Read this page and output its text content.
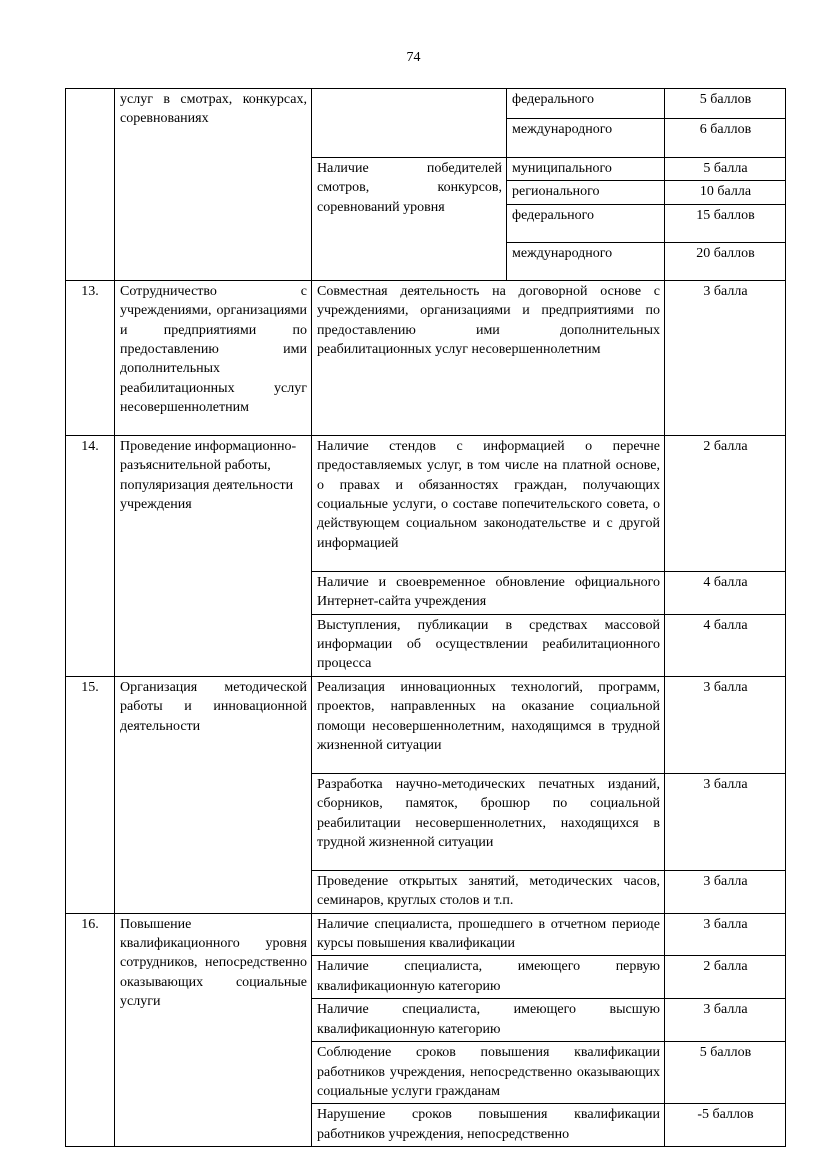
74
	услуг в смотрах, конкурсах, соревнованиях		федерального	5 баллов
			международного	6 баллов
		Наличие победителей смотров, конкурсов, соревнований уровня	муниципального	5 балла
			регионального	10 балла
			федерального	15 баллов
			международного	20 баллов
13.	Сотрудничество с учреждениями, организациями и предприятиями по предоставлению ими дополнительных реабилитационных услуг несовершеннолетним	Совместная деятельность на договорной основе с учреждениями, организациями и предприятиями по предоставлению ими дополнительных реабилитационных услуг несовершеннолетним		3 балла
14.	Проведение информационно-разъяснительной работы, популяризация деятельности учреждения	Наличие стендов с информацией о перечне предоставляемых услуг, в том числе на платной основе, о правах и обязанностях граждан, получающих социальные услуги, о составе попечительского совета, о действующем социальном законодательстве и с другой информацией		2 балла
		Наличие и своевременное обновление официального Интернет-сайта учреждения		4 балла
		Выступления, публикации в средствах массовой информации об осуществлении реабилитационного процесса		4 балла
15.	Организация методической работы и инновационной деятельности	Реализация инновационных технологий, программ, проектов, направленных на оказание социальной помощи несовершеннолетним, находящимся в трудной жизненной ситуации		3 балла
		Разработка научно-методических печатных изданий, сборников, памяток, брошюр по социальной реабилитации несовершеннолетних, находящихся в трудной жизненной ситуации		3 балла
		Проведение открытых занятий, методических часов, семинаров, круглых столов и т.п.		3 балла
16.	Повышение квалификационного уровня сотрудников, непосредственно оказывающих социальные услуги	Наличие специалиста, прошедшего в отчетном периоде курсы повышения квалификации		3 балла
		Наличие специалиста, имеющего первую квалификационную категорию		2 балла
		Наличие специалиста, имеющего высшую квалификационную категорию		3 балла
		Соблюдение сроков повышения квалификации работников учреждения, непосредственно оказывающих социальные услуги гражданам		5 баллов
		Нарушение сроков повышения квалификации работников учреждения, непосредственно		-5 баллов
